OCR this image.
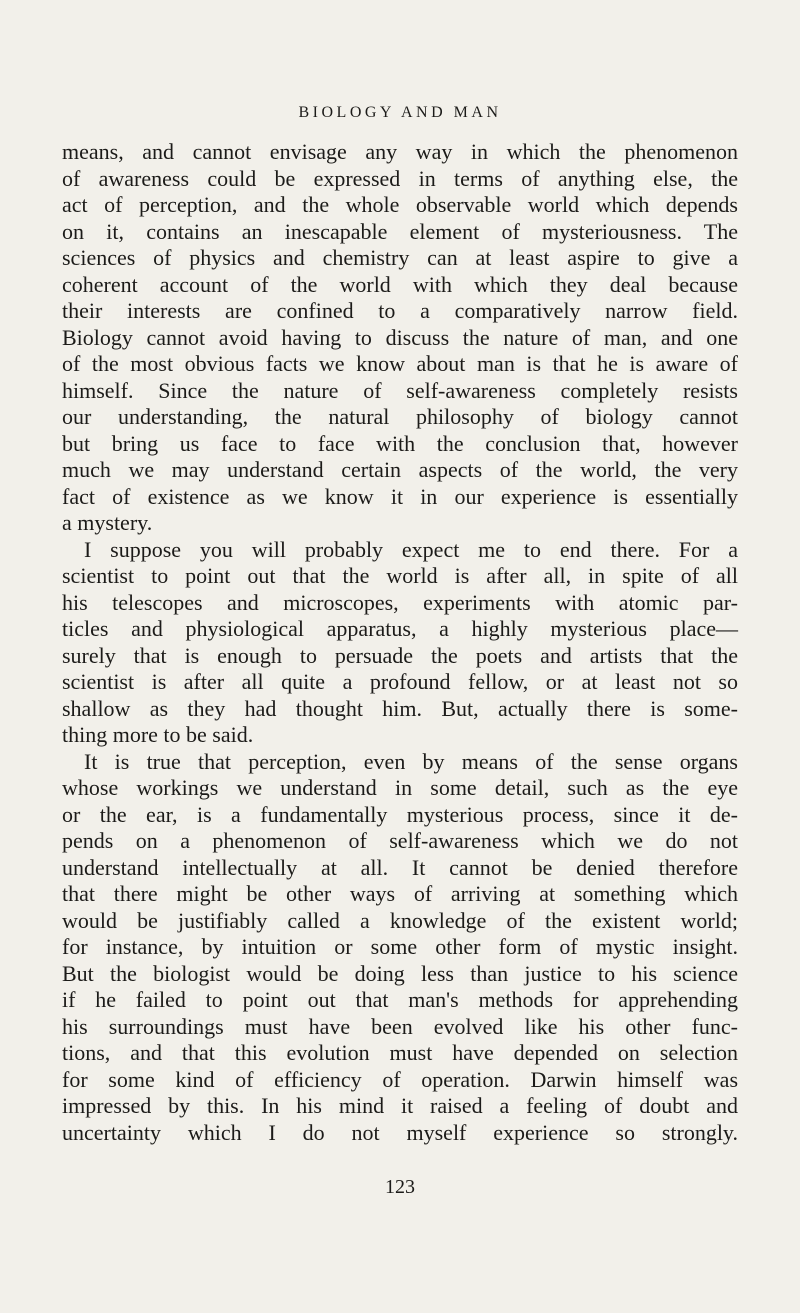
BIOLOGY AND MAN
means, and cannot envisage any way in which the phenomenon
of awareness could be expressed in terms of anything else, the
act of perception, and the whole observable world which depends
on it, contains an inescapable element of mysteriousness. The
sciences of physics and chemistry can at least aspire to give a
coherent account of the world with which they deal because
their interests are confined to a comparatively narrow field.
Biology cannot avoid having to discuss the nature of man, and one
of the most obvious facts we know about man is that he is aware of
himself. Since the nature of self-awareness completely resists
our understanding, the natural philosophy of biology cannot
but bring us face to face with the conclusion that, however
much we may understand certain aspects of the world, the very
fact of existence as we know it in our experience is essentially
a mystery.
I suppose you will probably expect me to end there. For a
scientist to point out that the world is after all, in spite of all
his telescopes and microscopes, experiments with atomic par-
ticles and physiological apparatus, a highly mysterious place—
surely that is enough to persuade the poets and artists that the
scientist is after all quite a profound fellow, or at least not so
shallow as they had thought him. But, actually there is some-
thing more to be said.
It is true that perception, even by means of the sense organs
whose workings we understand in some detail, such as the eye
or the ear, is a fundamentally mysterious process, since it de-
pends on a phenomenon of self-awareness which we do not
understand intellectually at all. It cannot be denied therefore
that there might be other ways of arriving at something which
would be justifiably called a knowledge of the existent world;
for instance, by intuition or some other form of mystic insight.
But the biologist would be doing less than justice to his science
if he failed to point out that man's methods for apprehending
his surroundings must have been evolved like his other func-
tions, and that this evolution must have depended on selection
for some kind of efficiency of operation. Darwin himself was
impressed by this. In his mind it raised a feeling of doubt and
uncertainty which I do not myself experience so strongly.
123
